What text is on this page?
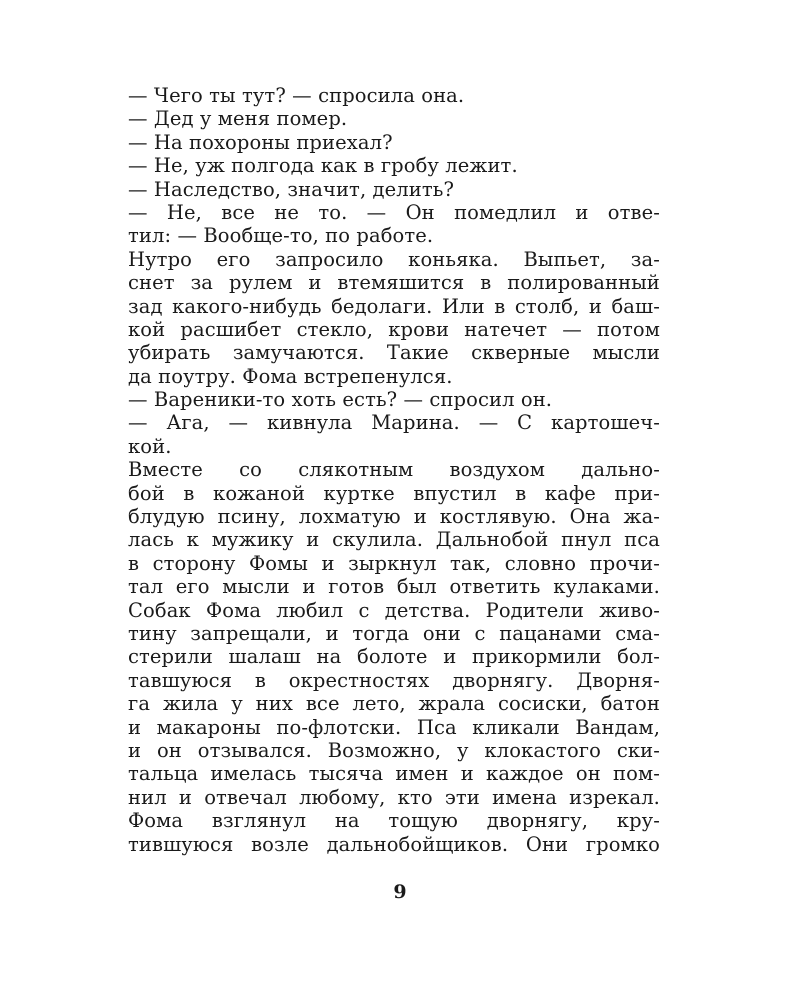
— Чего ты тут? — спросила она.
— Дед у меня помер.
— На похороны приехал?
— Не, уж полгода как в гробу лежит.
— Наследство, значит, делить?
— Не, все не то. — Он помедлил и отве-
тил: — Вообще-то, по работе.
Нутро его запросило коньяка. Выпьет, за-
снет за рулем и втемяшится в полированный
зад какого-нибудь бедолаги. Или в столб, и баш-
кой расшибет стекло, крови натечет — потом
убирать замучаются. Такие скверные мысли
да поутру. Фома встрепенулся.
— Вареники-то хоть есть? — спросил он.
— Ага, — кивнула Марина. — С картошеч-
кой.
Вместе со слякотным воздухом дально-
бой в кожаной куртке впустил в кафе при-
блудую псину, лохматую и костлявую. Она жа-
лась к мужику и скулила. Дальнобой пнул пса
в сторону Фомы и зыркнул так, словно прочи-
тал его мысли и готов был ответить кулаками.
Собак Фома любил с детства. Родители живо-
тину запрещали, и тогда они с пацанами сма-
стерили шалаш на болоте и прикормили бол-
тавшуюся в окрестностях дворнягу. Дворня-
га жила у них все лето, жрала сосиски, батон
и макароны по-флотски. Пса кликали Вандам,
и он отзывался. Возможно, у клокастого ски-
тальца имелась тысяча имен и каждое он пом-
нил и отвечал любому, кто эти имена изрекал.
Фома взглянул на тощую дворнягу, кру-
тившуюся возле дальнобойщиков. Они громко
9
